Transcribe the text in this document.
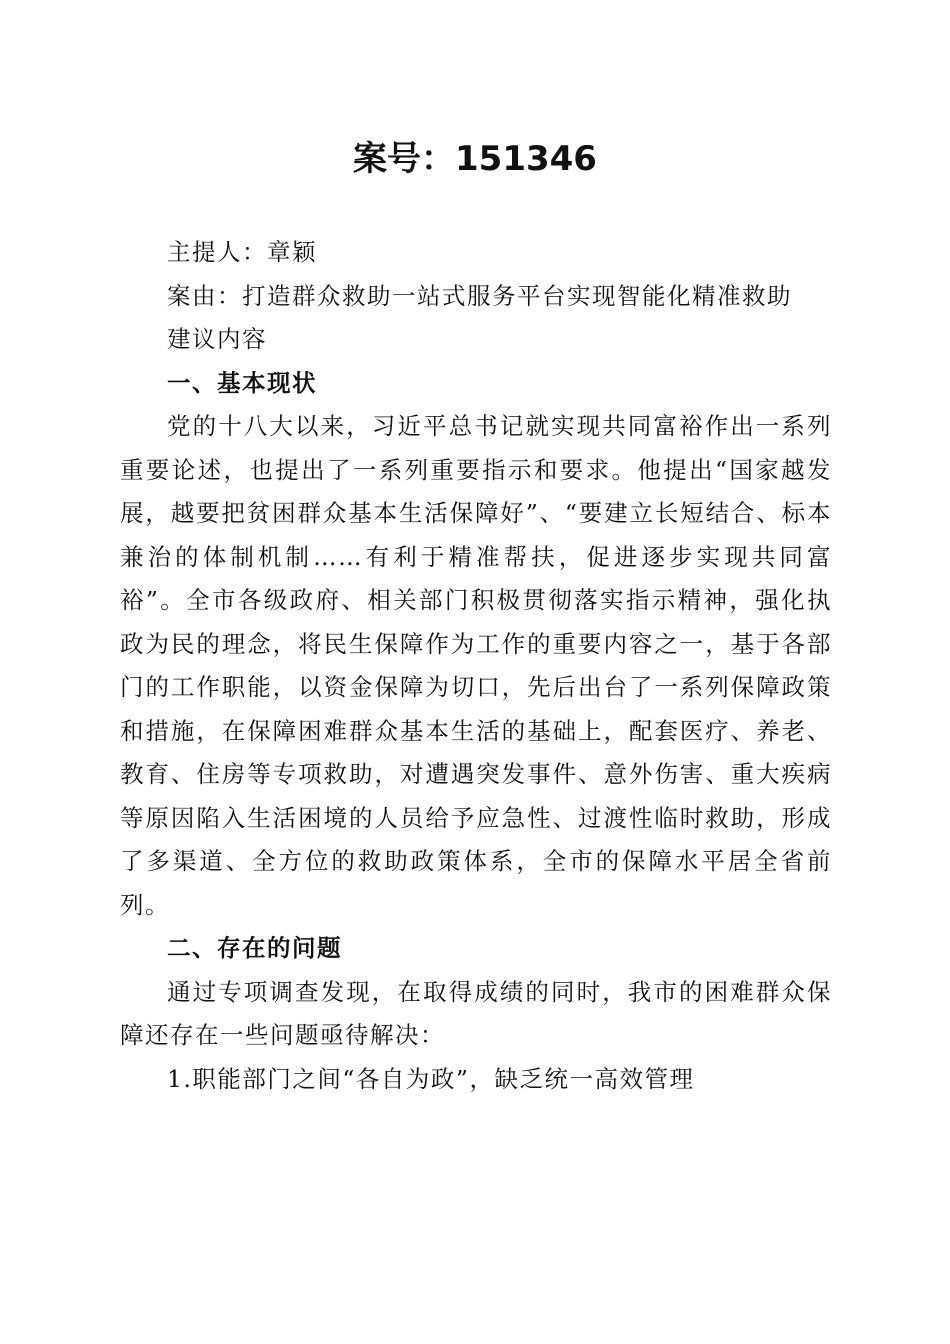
案号：151346

主提人：章颖

案由：打造群众救助一站式服务平台实现智能化精准救助

建议内容

一、基本现状

党的十八大以来，习近平总书记就实现共同富裕作出一系列重要论述，也提出了一系列重要指示和要求。他提出“国家越发展，越要把贫困群众基本生活保障好”、“要建立长短结合、标本兼治的体制机制……有利于精准帮扶，促进逐步实现共同富裕”。全市各级政府、相关部门积极贯彻落实指示精神，强化执政为民的理念，将民生保障作为工作的重要内容之一，基于各部门的工作职能，以资金保障为切口，先后出台了一系列保障政策和措施，在保障困难群众基本生活的基础上，配套医疗、养老、教育、住房等专项救助，对遭遇突发事件、意外伤害、重大疾病等原因陷入生活困境的人员给予应急性、过渡性临时救助，形成了多渠道、全方位的救助政策体系，全市的保障水平居全省前列。

二、存在的问题

通过专项调查发现，在取得成绩的同时，我市的困难群众保障还存在一些问题亟待解决：

1.职能部门之间“各自为政”，缺乏统一高效管理
